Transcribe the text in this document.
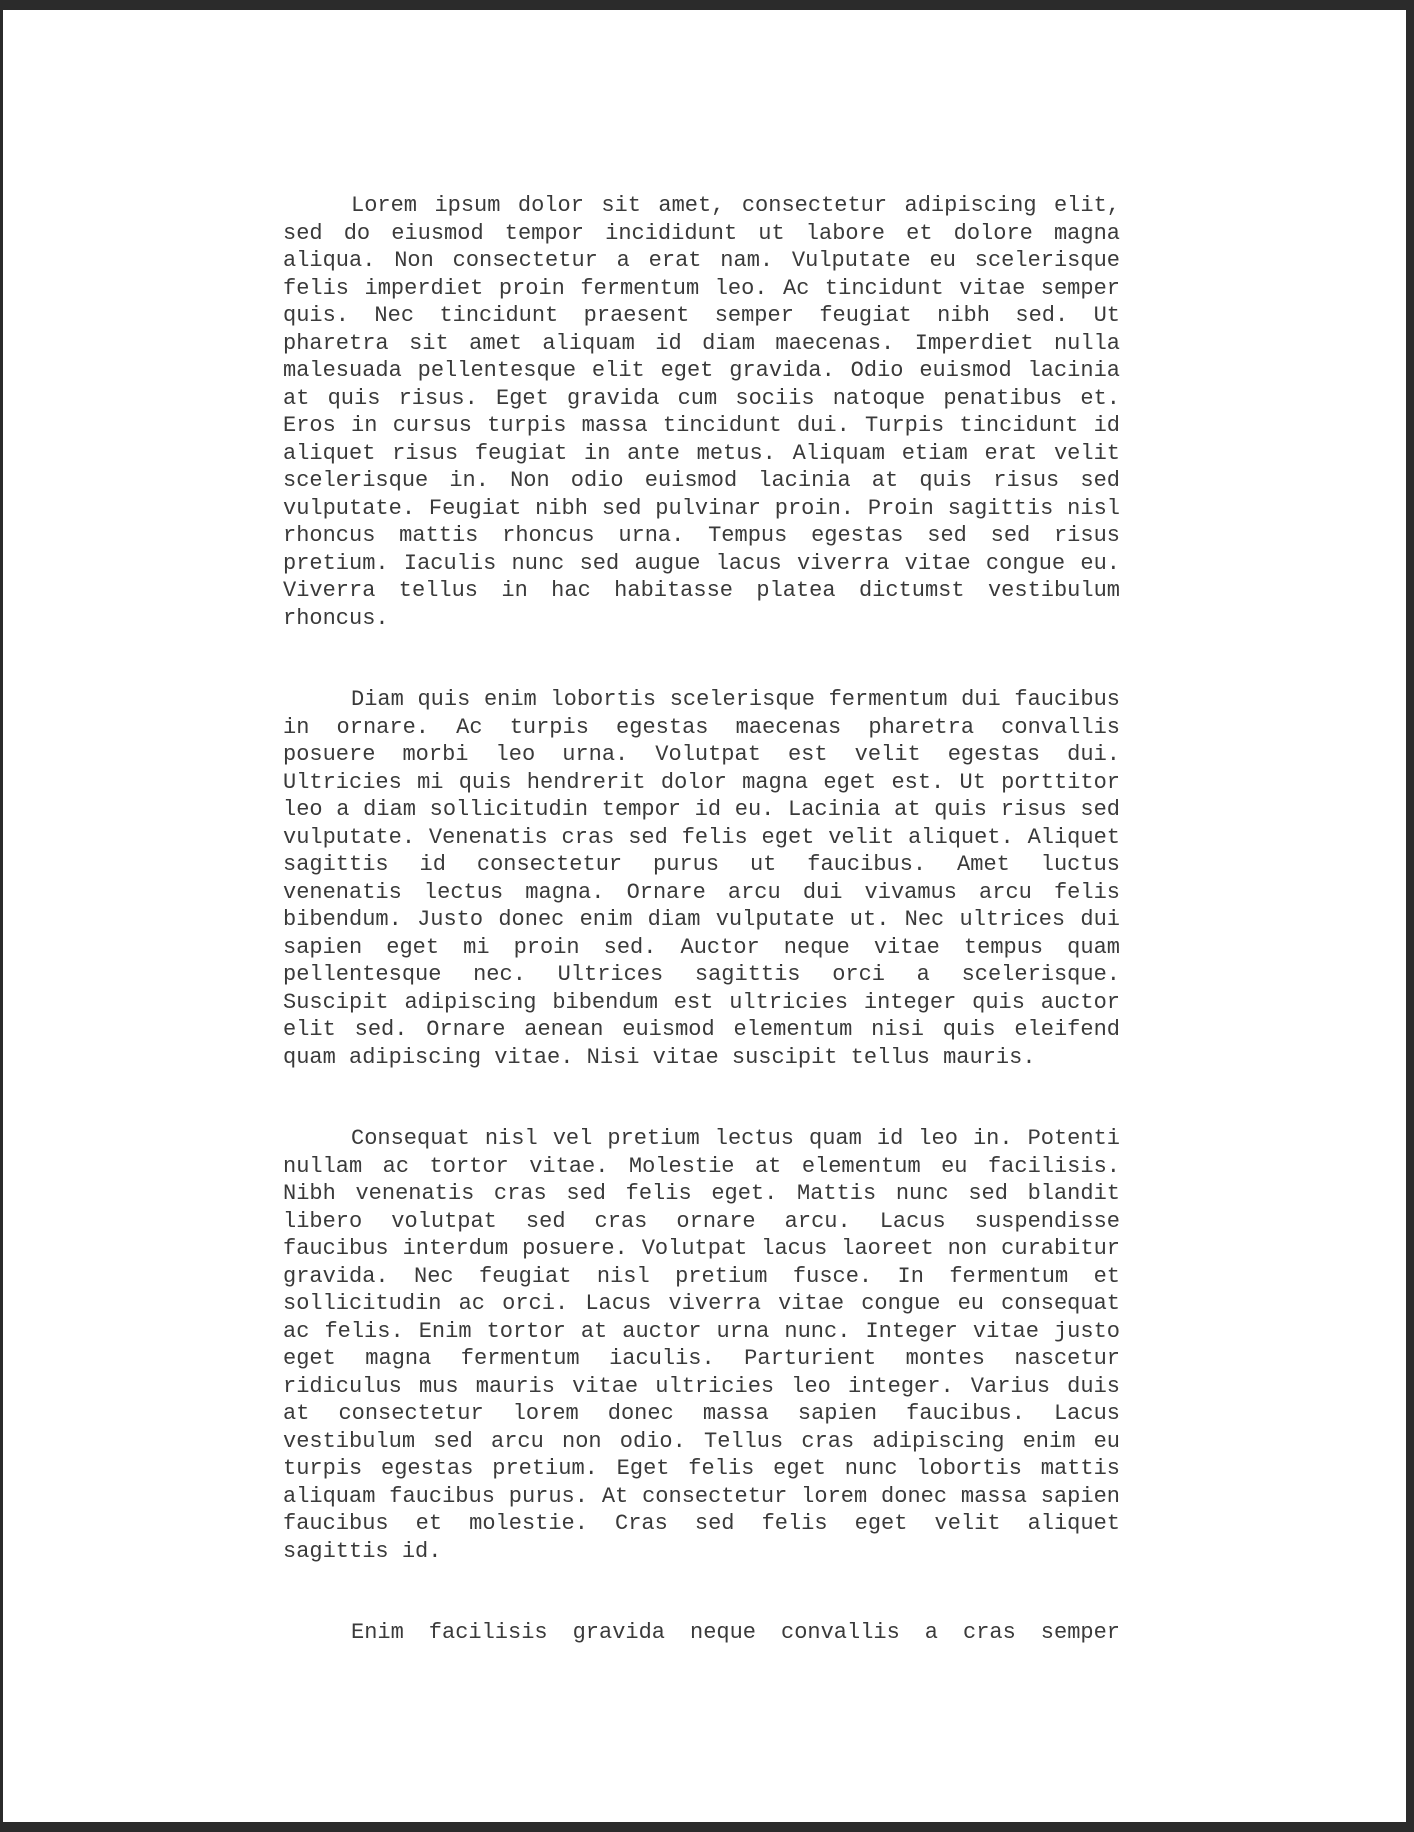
Lorem ipsum dolor sit amet, consectetur adipiscing elit, sed do eiusmod tempor incididunt ut labore et dolore magna aliqua. Non consectetur a erat nam. Vulputate eu scelerisque felis imperdiet proin fermentum leo. Ac tincidunt vitae semper quis. Nec tincidunt praesent semper feugiat nibh sed. Ut pharetra sit amet aliquam id diam maecenas. Imperdiet nulla malesuada pellentesque elit eget gravida. Odio euismod lacinia at quis risus. Eget gravida cum sociis natoque penatibus et. Eros in cursus turpis massa tincidunt dui. Turpis tincidunt id aliquet risus feugiat in ante metus. Aliquam etiam erat velit scelerisque in. Non odio euismod lacinia at quis risus sed vulputate. Feugiat nibh sed pulvinar proin. Proin sagittis nisl rhoncus mattis rhoncus urna. Tempus egestas sed sed risus pretium. Iaculis nunc sed augue lacus viverra vitae congue eu. Viverra tellus in hac habitasse platea dictumst vestibulum rhoncus.

Diam quis enim lobortis scelerisque fermentum dui faucibus in ornare. Ac turpis egestas maecenas pharetra convallis posuere morbi leo urna. Volutpat est velit egestas dui. Ultricies mi quis hendrerit dolor magna eget est. Ut porttitor leo a diam sollicitudin tempor id eu. Lacinia at quis risus sed vulputate. Venenatis cras sed felis eget velit aliquet. Aliquet sagittis id consectetur purus ut faucibus. Amet luctus venenatis lectus magna. Ornare arcu dui vivamus arcu felis bibendum. Justo donec enim diam vulputate ut. Nec ultrices dui sapien eget mi proin sed. Auctor neque vitae tempus quam pellentesque nec. Ultrices sagittis orci a scelerisque. Suscipit adipiscing bibendum est ultricies integer quis auctor elit sed. Ornare aenean euismod elementum nisi quis eleifend quam adipiscing vitae. Nisi vitae suscipit tellus mauris.

Consequat nisl vel pretium lectus quam id leo in. Potenti nullam ac tortor vitae. Molestie at elementum eu facilisis. Nibh venenatis cras sed felis eget. Mattis nunc sed blandit libero volutpat sed cras ornare arcu. Lacus suspendisse faucibus interdum posuere. Volutpat lacus laoreet non curabitur gravida. Nec feugiat nisl pretium fusce. In fermentum et sollicitudin ac orci. Lacus viverra vitae congue eu consequat ac felis. Enim tortor at auctor urna nunc. Integer vitae justo eget magna fermentum iaculis. Parturient montes nascetur ridiculus mus mauris vitae ultricies leo integer. Varius duis at consectetur lorem donec massa sapien faucibus. Lacus vestibulum sed arcu non odio. Tellus cras adipiscing enim eu turpis egestas pretium. Eget felis eget nunc lobortis mattis aliquam faucibus purus. At consectetur lorem donec massa sapien faucibus et molestie. Cras sed felis eget velit aliquet sagittis id.

Enim facilisis gravida neque convallis a cras semper
